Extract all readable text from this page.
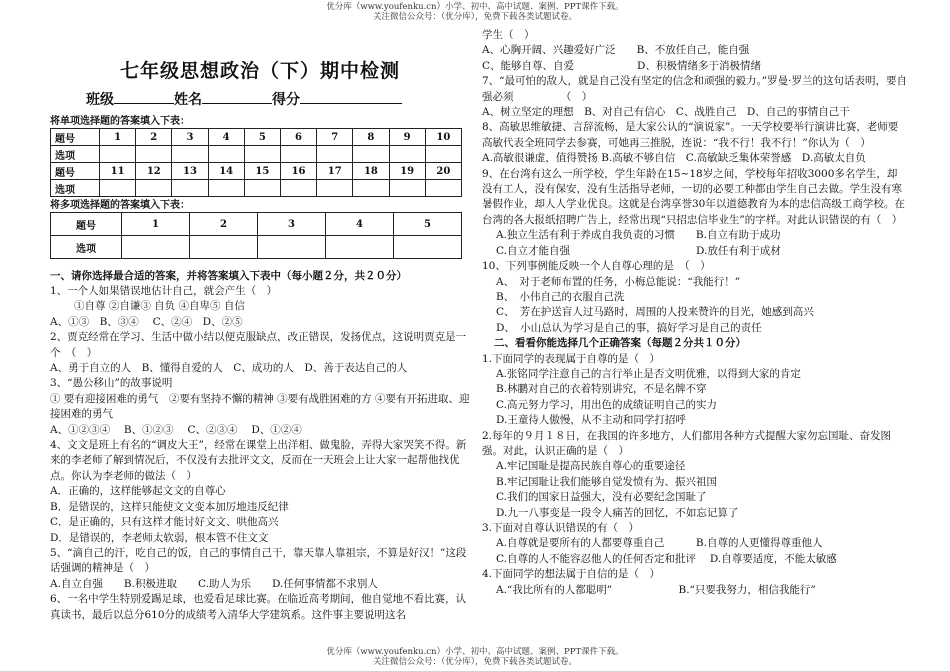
优分库（www.youfenku.cn）小学、初中、高中试题、案例、PPT课件下载。
关注微信公众号：（优分库），免费下载各类试题试卷。
七年级思想政治（下）期中检测
班级	姓名	得分
将单项选择题的答案填入下表：
题号	1	2	3	4	5	6	7	8	9	10
选项										
题号	11	12	13	14	15	16	17	18	19	20
选项										
将多项选择题的答案填入下表：
题号	1	2	3	4	5
选项					
一、请你选择最合适的答案，并将答案填入下表中（每小题２分，共２０分）
1、一个人如果错误地估计自己，就会产生（　）
①自尊 ②自谦③ 自负 ④自卑⑤ 自信
A、①③　B、③④　 C、②④　D、②⑤
2、贾克经常在学习、生活中做小结以便克服缺点，改正错误，发扬优点，这说明贾克是一个　（　）
A、勇于自立的人　B、懂得自爱的人　C、成功的人　D、善于表达自己的人
3、“愚公移山”的故事说明
① 要有迎接困难的勇气　②要有坚持不懈的精神 ③要有战胜困难的方 ④要有开拓进取、迎接困难的勇气
A、①②③④　 B、①②③　 C、②③④　 D、①②④
4、文文是班上有名的“调皮大王”，经常在课堂上出洋相、做鬼脸，弄得大家哭笑不得。新来的李老师了解到情况后，不仅没有去批评文文，反而在一天班会上让大家一起帮他找优点。你认为李老师的做法（　）
A．正确的，这样能够起文文的自尊心
B．是错误的，这样只能使文文变本加厉地违反纪律
C．是正确的，只有这样才能讨好文文、哄他高兴
D．是错误的，李老师太软弱，根本管不住文文
5、“滴自己的汗，吃自己的饭，自己的事情自己干，靠天靠人靠祖宗，不算是好汉！”这段话强调的精神是（　）
A.自立自强　　B.积极进取　　C.助人为乐　　D.任何事情都不求别人
6、一名中学生特别爱踢足球，也爱看足球比赛。在临近高考期间，他自觉地不看比赛，认真读书，最后以总分610分的成绩考入清华大学建筑系。这件事主要说明这名
学生（　）
A、心胸开阔、兴趣爱好广泛　　B、不放任自己，能自强
C、能够自尊、自爱　　　　　　D、积极情绪多于消极情绪
7、“最可怕的敌人，就是自己没有坚定的信念和顽强的毅力。”罗曼·罗兰的这句话表明，要自强必须　　　　　（　）
A、树立坚定的理想　B、对自己有信心　C、战胜自己　D、自己的事情自己干
8、高敏思维敏捷、言辞流畅，是大家公认的“演说家”。一天学校要举行演讲比赛，老师要高敏代表全班同学去参赛，可她再三推脱，连说：“我不行！我不行！”你认为（　）
A.高敏很谦虚，值得赞扬 B.高敏不够自信　C.高敏缺乏集体荣誉感　D.高敏太自负
9、在台湾有这么一所学校，学生年龄在15~18岁之间，学校每年招收3000多名学生，却没有工人，没有保安，没有生活指导老师，一切的必要工种都由学生自己去做。学生没有寒暑假作业，却人人学业优良。这就是台湾享誉30年以道德教育为本的忠信高级工商学校。在台湾的各大报纸招聘广告上，经常出现“只招忠信毕业生”的字样。对此认识错误的有（　）
A.独立生活有利于养成自我负责的习惯　　B.自立有助于成功
C.自立才能自强　　　　　　　　　　　　D.放任有利于成材
10、下列事例能反映一个人自尊心理的是　（　）
A、　对于老师布置的任务，小梅总能说：“我能行！”
B、　小伟自己的衣服自己洗
C、　芳在护送盲人过马路时，周围的人投来赞许的目光，她感到高兴
D、　小山总认为学习是自己的事，搞好学习是自己的责任
二、看看你能选择几个正确答案（每题２分共１０分）
1.下面同学的表现属于自尊的是（　）
A.张铭同学注意自己的言行举止是否文明优雅，以得到大家的肯定
B.林鹏对自己的衣着特别讲究，不是名牌不穿
C.高元努力学习，用出色的成绩证明自己的实力
D.王童待人傲慢，从不主动和同学打招呼
2.每年的９月１８日，在我国的许多地方，人们都用各种方式提醒大家勿忘国耻、奋发图强。对此，认识正确的是（　）
A.牢记国耻是提高民族自尊心的重要途径
B.牢记国耻让我们能够自觉发愤有为、振兴祖国
C.我们的国家日益强大，没有必要纪念国耻了
D.九一八事变是一段令人痛苦的回忆，不如忘记算了
3.下面对自尊认识错误的有（　）
A.自尊就是要所有的人都要尊重自己　　　B.自尊的人更懂得尊重他人
C.自尊的人不能容忍他人的任何否定和批评　 D.自尊要适度，不能太敏感
4.下面同学的想法属于自信的是（　）
A.“我比所有的人都聪明”　　　　　　 B.“只要我努力，相信我能行”
优分库（www.youfenku.cn）小学、初中、高中试题、案例、PPT课件下载。
关注微信公众号：（优分库），免费下载各类试题试卷。
